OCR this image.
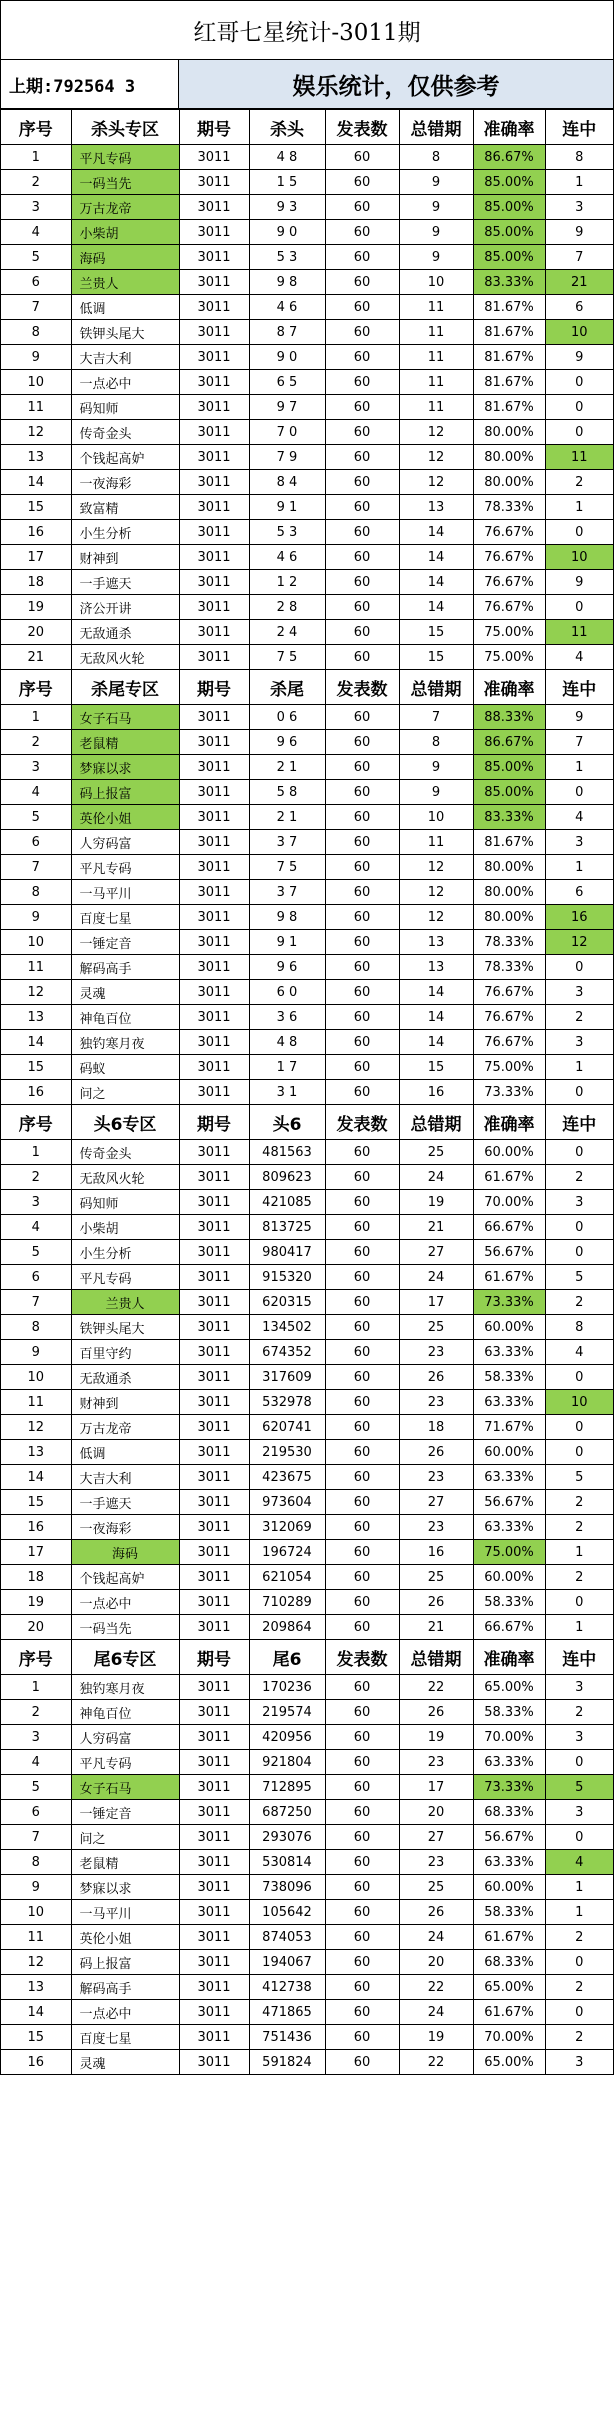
红哥七星统计-3011期
上期:792564 3	娱乐统计，仅供参考
序号	杀头专区	期号	杀头	发表数	总错期	准确率	连中
1	平凡专码	3011	4 8	60	8	86.67%	8
2	一码当先	3011	1 5	60	9	85.00%	1
3	万古龙帝	3011	9 3	60	9	85.00%	3
4	小柴胡	3011	9 0	60	9	85.00%	9
5	海码	3011	5 3	60	9	85.00%	7
6	兰贵人	3011	9 8	60	10	83.33%	21
7	低调	3011	4 6	60	11	81.67%	6
8	铁钾头尾大	3011	8 7	60	11	81.67%	10
9	大吉大利	3011	9 0	60	11	81.67%	9
10	一点必中	3011	6 5	60	11	81.67%	0
11	码知师	3011	9 7	60	11	81.67%	0
12	传奇金头	3011	7 0	60	12	80.00%	0
13	个钱起高妒	3011	7 9	60	12	80.00%	11
14	一夜海彩	3011	8 4	60	12	80.00%	2
15	致富精	3011	9 1	60	13	78.33%	1
16	小生分析	3011	5 3	60	14	76.67%	0
17	财神到	3011	4 6	60	14	76.67%	10
18	一手遮天	3011	1 2	60	14	76.67%	9
19	济公开讲	3011	2 8	60	14	76.67%	0
20	无敌通杀	3011	2 4	60	15	75.00%	11
21	无敌风火轮	3011	7 5	60	15	75.00%	4
序号	杀尾专区	期号	杀尾	发表数	总错期	准确率	连中
1	女子石马	3011	0 6	60	7	88.33%	9
2	老鼠精	3011	9 6	60	8	86.67%	7
3	梦寐以求	3011	2 1	60	9	85.00%	1
4	码上报富	3011	5 8	60	9	85.00%	0
5	英伦小姐	3011	2 1	60	10	83.33%	4
6	人穷码富	3011	3 7	60	11	81.67%	3
7	平凡专码	3011	7 5	60	12	80.00%	1
8	一马平川	3011	3 7	60	12	80.00%	6
9	百度七星	3011	9 8	60	12	80.00%	16
10	一锤定音	3011	9 1	60	13	78.33%	12
11	解码高手	3011	9 6	60	13	78.33%	0
12	灵魂	3011	6 0	60	14	76.67%	3
13	神龟百位	3011	3 6	60	14	76.67%	2
14	独钓寒月夜	3011	4 8	60	14	76.67%	3
15	码蚁	3011	1 7	60	15	75.00%	1
16	问之	3011	3 1	60	16	73.33%	0
序号	头6专区	期号	头6	发表数	总错期	准确率	连中
1	传奇金头	3011	481563	60	25	60.00%	0
2	无敌风火轮	3011	809623	60	24	61.67%	2
3	码知师	3011	421085	60	19	70.00%	3
4	小柴胡	3011	813725	60	21	66.67%	0
5	小生分析	3011	980417	60	27	56.67%	0
6	平凡专码	3011	915320	60	24	61.67%	5
7	兰贵人	3011	620315	60	17	73.33%	2
8	铁钾头尾大	3011	134502	60	25	60.00%	8
9	百里守约	3011	674352	60	23	63.33%	4
10	无敌通杀	3011	317609	60	26	58.33%	0
11	财神到	3011	532978	60	23	63.33%	10
12	万古龙帝	3011	620741	60	18	71.67%	0
13	低调	3011	219530	60	26	60.00%	0
14	大吉大利	3011	423675	60	23	63.33%	5
15	一手遮天	3011	973604	60	27	56.67%	2
16	一夜海彩	3011	312069	60	23	63.33%	2
17	海码	3011	196724	60	16	75.00%	1
18	个钱起高妒	3011	621054	60	25	60.00%	2
19	一点必中	3011	710289	60	26	58.33%	0
20	一码当先	3011	209864	60	21	66.67%	1
序号	尾6专区	期号	尾6	发表数	总错期	准确率	连中
1	独钓寒月夜	3011	170236	60	22	65.00%	3
2	神龟百位	3011	219574	60	26	58.33%	2
3	人穷码富	3011	420956	60	19	70.00%	3
4	平凡专码	3011	921804	60	23	63.33%	0
5	女子石马	3011	712895	60	17	73.33%	5
6	一锤定音	3011	687250	60	20	68.33%	3
7	问之	3011	293076	60	27	56.67%	0
8	老鼠精	3011	530814	60	23	63.33%	4
9	梦寐以求	3011	738096	60	25	60.00%	1
10	一马平川	3011	105642	60	26	58.33%	1
11	英伦小姐	3011	874053	60	24	61.67%	2
12	码上报富	3011	194067	60	20	68.33%	0
13	解码高手	3011	412738	60	22	65.00%	2
14	一点必中	3011	471865	60	24	61.67%	0
15	百度七星	3011	751436	60	19	70.00%	2
16	灵魂	3011	591824	60	22	65.00%	3
